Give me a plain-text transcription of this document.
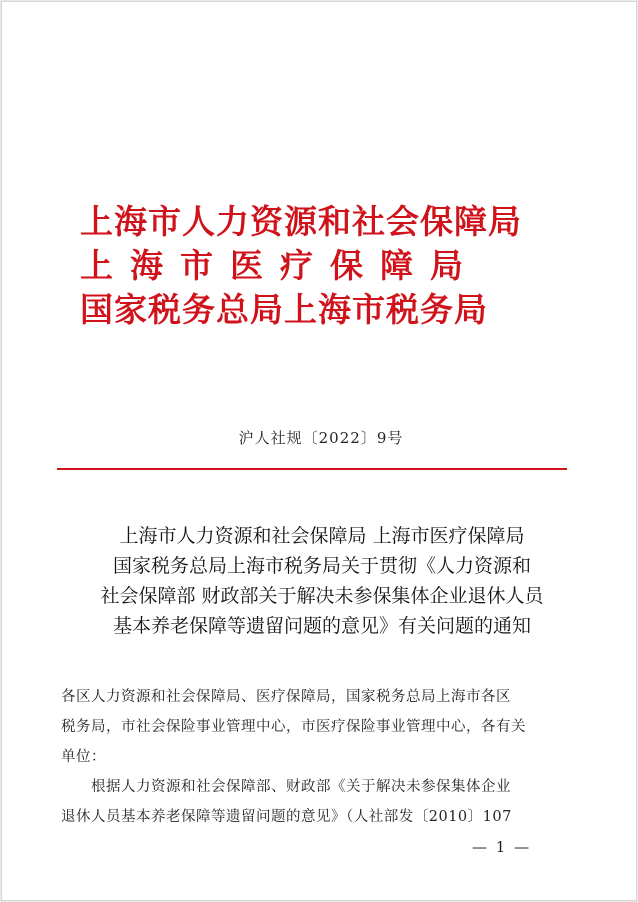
上海市人力资源和社会保障局
上海市医疗保障局
国家税务总局上海市税务局
沪人社规〔2022〕9号
上海市人力资源和社会保障局 上海市医疗保障局
国家税务总局上海市税务局关于贯彻《人力资源和
社会保障部 财政部关于解决未参保集体企业退休人员
基本养老保障等遗留问题的意见》有关问题的通知
各区人力资源和社会保障局、医疗保障局，国家税务总局上海市各区
税务局，市社会保险事业管理中心，市医疗保险事业管理中心，各有关
单位：
根据人力资源和社会保障部、财政部《关于解决未参保集体企业
退休人员基本养老保障等遗留问题的意见》（人社部发〔2010〕107
— 1 —
